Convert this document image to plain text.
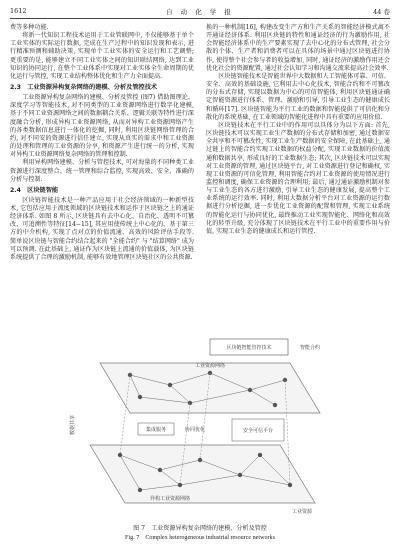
1612	自 动 化 学 报	44 卷

费等多种功能.

将新一代知识工程技术运用于工业管联网中, 不仅能够基于单个工业实体的实际运行数据, 完成在生产过程中的知识发现和表示, 进行精准预测和辅助决策, 实现单个工业实体的安全运行和工艺调整; 更重要的是, 能够建立不同工业实体之间的知识联结网络, 达到工业知识的协同运行, 在整个工业体系中实现对工业实体全生命周期的优化运行与管控, 实现工业结构整体优化和生产力全面提高.

2.3　工业资源异构复杂网络的建模、分析及管控技术

工业资源异构复杂网络的建模、分析及管控 (图7) 借助图理论、深度学习等智能技术, 对不同类型的工业资源网络进行数字化建模, 基于不同工业资源网络之间的数据耦合关系、逻辑关联等特性进行深度融合分析, 形成异构工业资源网络, 从而对异构工业资源网络产生的各类数据信息进行一体化的挖掘, 同时, 利用区块链网络管理的合约, 对不同安的资源进行信任建立, 实现从真实的需求中和工业资源的处理和管理的工业资源的分享, 和资源产生进行统一的分析, 实现对异构工业资源网络复杂网络的管理和控制.

利用异构网络建模、分析与管控技术, 可对海量的不同种类工业资源进行深度整合、统一管理和综合监控, 实现高效、安全、准确的分析与控制.

2.4　区块链智能

区块链智能技术是一种产品应用于社会经济领域的一种新型技术, 它包括应用于流度领域的区块链技术和运作于区块链之上的通证经济体系. 如图 8 所示, 区块链具有去中心化、自治化、透明不可篡改、可追溯性等特征[14−15], 其应用使传统上中心化的、基于第三方的中介机构, 实现了点对点的价值流通、高效的风险评估手段等. 简单说区块链与智能合约结合起来的 "全能合约" 与 "结算网络" 成为可以预测. 在此基础上, 通证作为区块链上流通的价值载体, 为区块链系统提供了合理的激励机制, 能够有效地管理区块链社区的公共资源.

换的一种机制[16], 构建改变生产方和生产关系的智能经济模式离不开通证经济体系. 利用区块链的特性和通证经济的行为激励作用, 社会智能经济体系中的生产要素实现了去中心化的分布式管理, 社会分散的个体、生产者和消费者可以在具体的场景中通过区块链进行协作, 使得整个社会参与者的收益增加, 同时, 通证经济的激励作用还会优化社会的资源配置, 通过社会认知学习和沟通交流来提高社会效率.

区块链智能技术是智能世界中大数据和人工智能体可靠、可信、安全、高效的基础设施, 它利用去中心化技术, 智能合约和不可篡改的分布式存储, 实现以数据为中心的可信智能体, 利用区块链通证确定智能资源进行体系、管理、激励和引导, 引导工业生态的健康成长和循环[17]. 区块链智能为平行工业的数据和智能提供了可信化和分散化的系统基础, 在工业领域的智能化进程中具有重要的应用价值.

区块链技术在平行工业中的作用可以具体分为以下方面: 首先, 区块链技术可以实现工业生产数据的分布式存储和加密, 通过数据安全共享和不可篡改性, 实现工业生产数据的安全保障, 在此基础上, 通过链上的智能合约实现工业数据的权益分配, 实现工业数据的价值流通和数据共享, 形成良好的工业数据生态; 其次, 区块链技术可以实现对工业资源的管理, 通过区块链平台, 对工业资源进行登记和确权, 实现工业资源的可信化管理, 利用智能合约对工业资源的使用情况进行监控和调度, 确保工业资源的合理利用; 最后, 通过通证激励机制对参与工业生态的各方进行激励, 引导工业生态的健康发展, 提高整个工业系统的运行效率. 同时, 利用大数据分析平台对工业资源的运行数据进行分析挖掘, 进一步优化工业资源的配置和管理, 实现工业系统的智能化运行与协同优化, 最终推动工业实现智能化、网络化和高效化的转型升级, 充分体现了区块链技术在平行工业中的重要作用与价值, 实现工业生态的健康成长和运行管控.

区块链智能管控技术	智能合约
工业资源网络
集成服务	协同优化	安全可信平台
数据共享
异构工业资源网络
工业资源
图 7　工业资源异构复杂网络的建模、分析及管控
Fig. 7　Complex heterogeneous industrial resource networks
